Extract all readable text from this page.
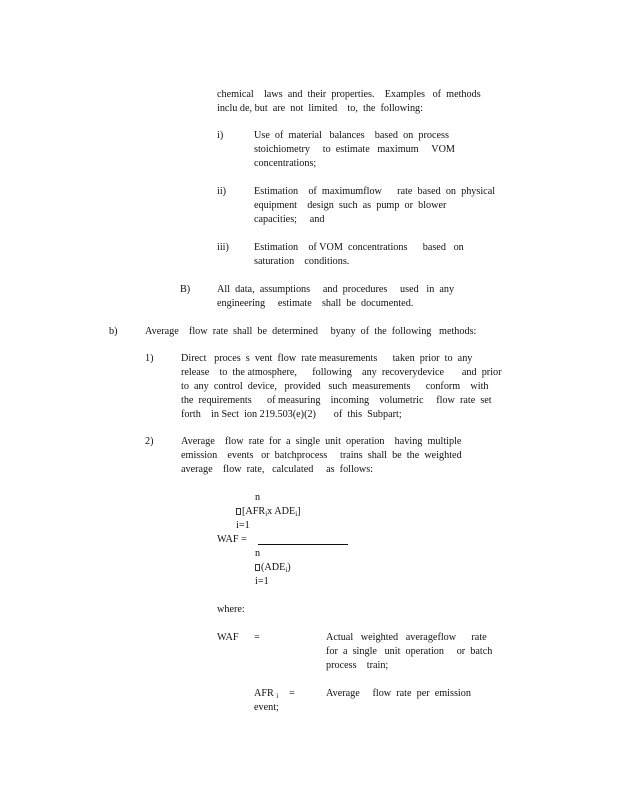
chemical    laws  and  their  properties.    Examples   of  methods
inclu de, but  are  not  limited    to,  the  following:
i)	Use  of  material   balances    based  on  process
stoichiometry     to  estimate   maximum     VOM
concentrations;
ii)	Estimation    of  maximumflow      rate  based  on  physical
equipment    design  such  as  pump  or  blower
capacities;     and
iii) Estimation    of VOM  concentrations      based   on
saturation    conditions.
B)	All  data,  assumptions     and  procedures     used   in  any
engineering     estimate    shall  be  documented.
b)	Average    flow  rate  shall  be  determined     byany  of  the  following   methods:
1)	Direct   proces  s  vent  flow  rate measurements      taken  prior  to  any
release    to  the atmosphere,      following    any  recoverydevice       and  prior
to  any  control  device,   provided   such  measurements      conform    with
the  requirements      of measuring    incoming    volumetric     flow  rate  set
forth    in Sect  ion 219.503(e)(2)       of  this  Subpart;
2)	Average    flow  rate  for  a  single  unit  operation    having  multiple
emission    events   or  batchprocess     trains  shall  be  the  weighted
average    flow  rate,   calculated     as  follows:
n
[$AFR_ix$ $ADE_i$]
i=1
WAF =
n
$(ADE_i)$
i=1
where:
WAF =	Actual   weighted   averageflow      rate
for  a  single   unit  operation     or  batch
process    train;
AFR $_i$ =	Average     flow  rate  per  emission
event;
